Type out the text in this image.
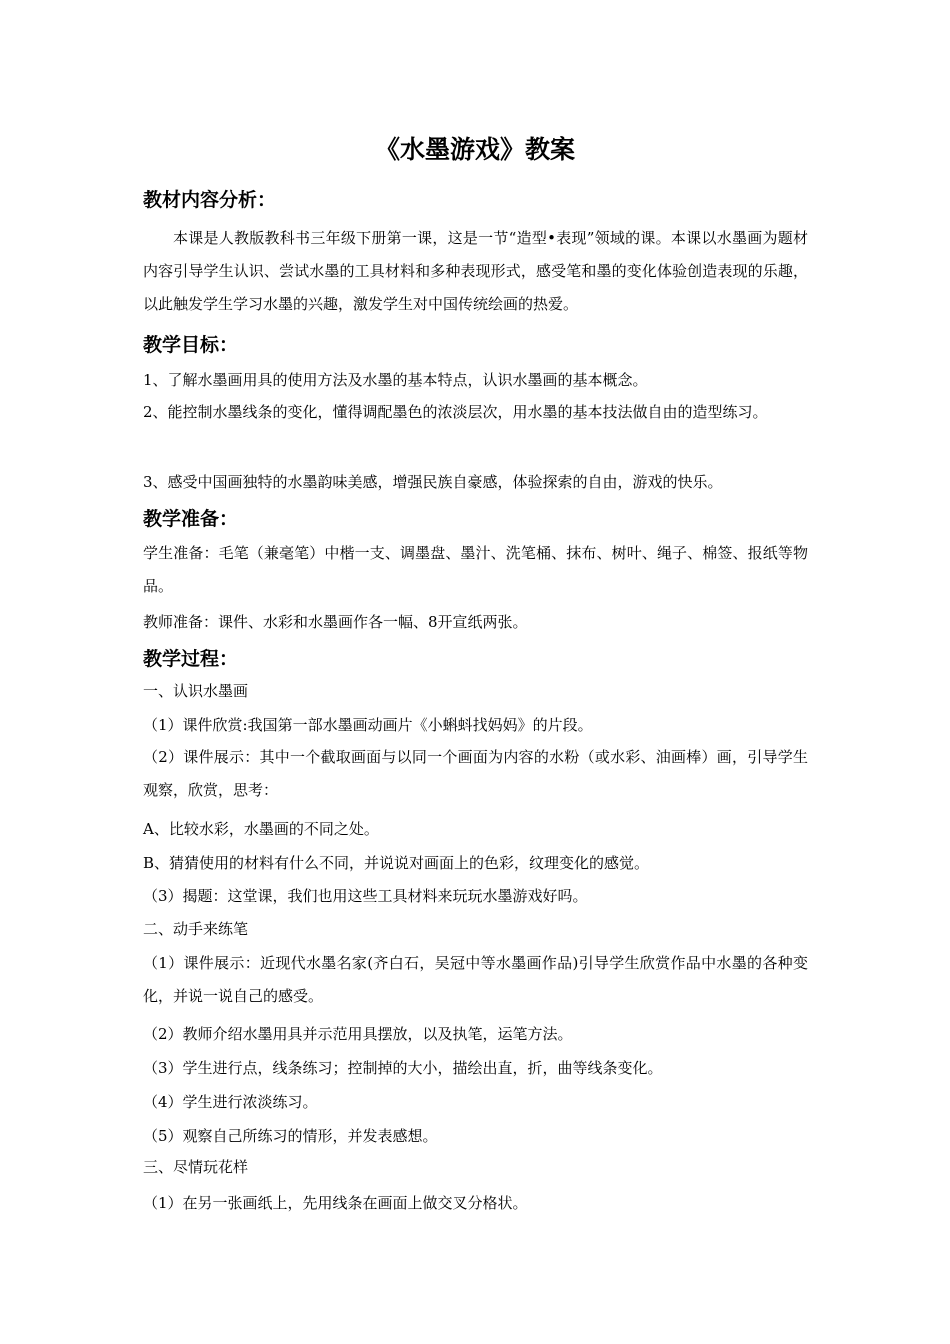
《水墨游戏》教案
教材内容分析：
本课是人教版教科书三年级下册第一课，这是一节“造型•表现”领域的课。本课以水墨画为题材内容引导学生认识、尝试水墨的工具材料和多种表现形式，感受笔和墨的变化体验创造表现的乐趣，以此触发学生学习水墨的兴趣，激发学生对中国传统绘画的热爱。
教学目标：
1、了解水墨画用具的使用方法及水墨的基本特点，认识水墨画的基本概念。
2、能控制水墨线条的变化，懂得调配墨色的浓淡层次，用水墨的基本技法做自由的造型练习。
3、感受中国画独特的水墨韵味美感，增强民族自豪感，体验探索的自由，游戏的快乐。
教学准备：
学生准备：毛笔（兼毫笔）中楷一支、调墨盘、墨汁、洗笔桶、抹布、树叶、绳子、棉签、报纸等物品。
教师准备：课件、水彩和水墨画作各一幅、8开宣纸两张。
教学过程：
一、认识水墨画
（1）课件欣赏:我国第一部水墨画动画片《小蝌蚪找妈妈》的片段。
（2）课件展示：其中一个截取画面与以同一个画面为内容的水粉（或水彩、油画棒）画，引导学生观察，欣赏，思考：
A、比较水彩，水墨画的不同之处。
B、猜猜使用的材料有什么不同，并说说对画面上的色彩，纹理变化的感觉。
（3）揭题：这堂课，我们也用这些工具材料来玩玩水墨游戏好吗。
二、动手来练笔
（1）课件展示：近现代水墨名家(齐白石，吴冠中等水墨画作品)引导学生欣赏作品中水墨的各种变化，并说一说自己的感受。
（2）教师介绍水墨用具并示范用具摆放，以及执笔，运笔方法。
（3）学生进行点，线条练习；控制掉的大小，描绘出直，折，曲等线条变化。
（4）学生进行浓淡练习。
（5）观察自己所练习的情形，并发表感想。
三、尽情玩花样
（1）在另一张画纸上，先用线条在画面上做交叉分格状。
